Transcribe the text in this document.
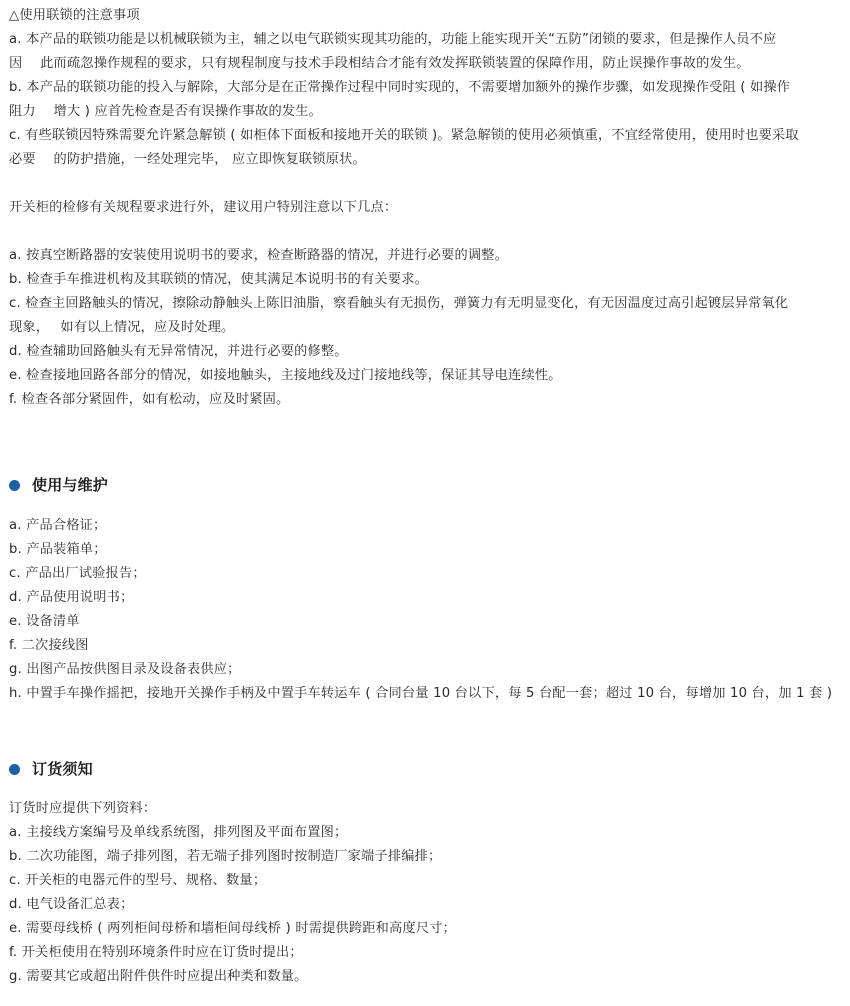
△使用联锁的注意事项
a. 本产品的联锁功能是以机械联锁为主，辅之以电气联锁实现其功能的，功能上能实现开关“五防”闭锁的要求，但是操作人员不应
因　 此而疏忽操作规程的要求，只有规程制度与技术手段相结合才能有效发挥联锁装置的保障作用，防止误操作事故的发生。
b. 本产品的联锁功能的投入与解除，大部分是在正常操作过程中同时实现的，不需要增加额外的操作步骤，如发现操作受阻 ( 如操作
阻力　 增大 ) 应首先检查是否有误操作事故的发生。
c. 有些联锁因特殊需要允许紧急解锁 ( 如柜体下面板和接地开关的联锁 )。紧急解锁的使用必须慎重，不宜经常使用，使用时也要采取
必要　 的防护措施，一经处理完毕， 应立即恢复联锁原状。
开关柜的检修有关规程要求进行外，建议用户特别注意以下几点：
a. 按真空断路器的安装使用说明书的要求，检查断路器的情况，并进行必要的调整。
b. 检查手车推进机构及其联锁的情况，使其满足本说明书的有关要求。
c. 检查主回路触头的情况，擦除动静触头上陈旧油脂，察看触头有无损伤，弹簧力有无明显变化，有无因温度过高引起镀层异常氧化
现象，　 如有以上情况，应及时处理。
d. 检查辅助回路触头有无异常情况，并进行必要的修整。
e. 检查接地回路各部分的情况，如接地触头，主接地线及过门接地线等，保证其导电连续性。
f. 检查各部分紧固件，如有松动，应及时紧固。
使用与维护
a. 产品合格证；
b. 产品装箱单；
c. 产品出厂试验报告；
d. 产品使用说明书；
e. 设备清单
f. 二次接线图
g. 出图产品按供图目录及设备表供应；
h. 中置手车操作摇把，接地开关操作手柄及中置手车转运车 ( 合同台量 10 台以下，每 5 台配一套；超过 10 台，每增加 10 台，加 1 套 )
订货须知
订货时应提供下列资料：
a. 主接线方案编号及单线系统图，排列图及平面布置图；
b. 二次功能图，端子排列图，若无端子排列图时按制造厂家端子排编排；
c. 开关柜的电器元件的型号、规格、数量；
d. 电气设备汇总表；
e. 需要母线桥 ( 两列柜间母桥和墙柜间母线桥 ) 时需提供跨距和高度尺寸；
f. 开关柜使用在特别环境条件时应在订货时提出；
g. 需要其它或超出附件供件时应提出种类和数量。
